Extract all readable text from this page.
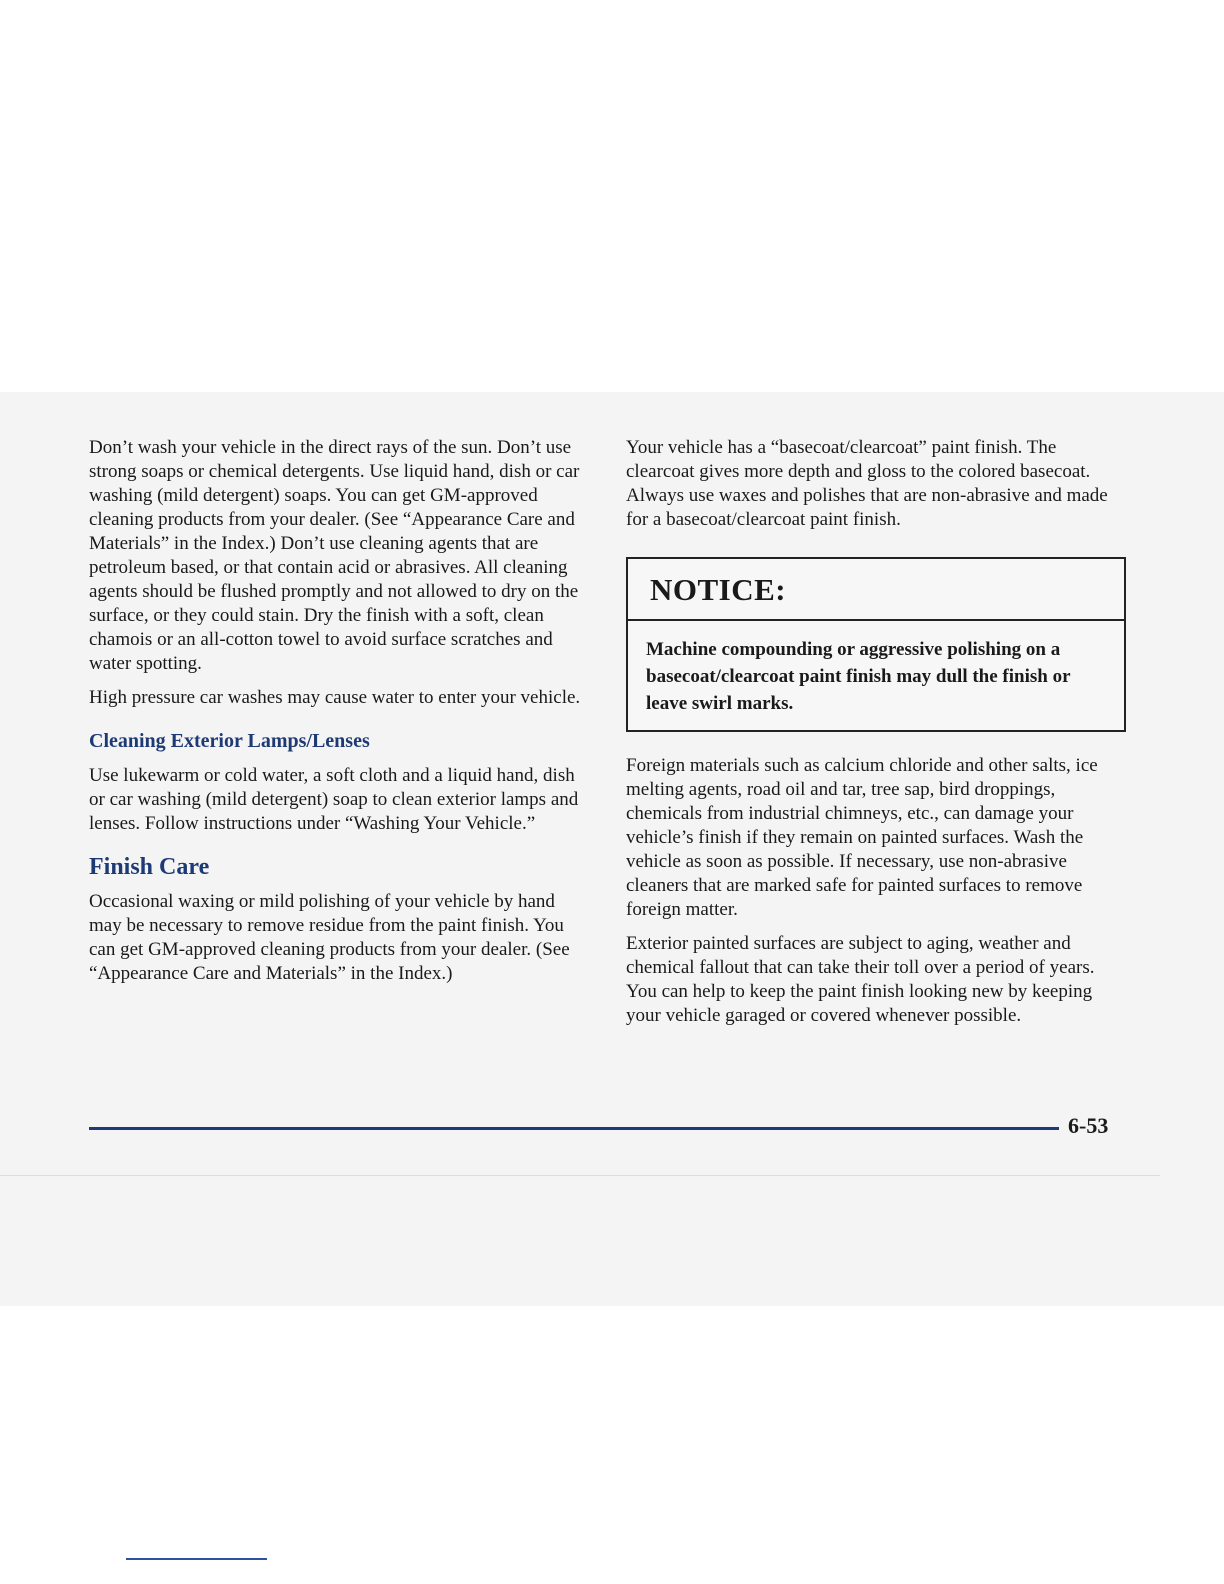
Don’t wash your vehicle in the direct rays of the sun. Don’t use strong soaps or chemical detergents. Use liquid hand, dish or car washing (mild detergent) soaps. You can get GM-approved cleaning products from your dealer. (See “Appearance Care and Materials” in the Index.) Don’t use cleaning agents that are petroleum based, or that contain acid or abrasives. All cleaning agents should be flushed promptly and not allowed to dry on the surface, or they could stain. Dry the finish with a soft, clean chamois or an all-cotton towel to avoid surface scratches and water spotting.

High pressure car washes may cause water to enter your vehicle.

Cleaning Exterior Lamps/Lenses

Use lukewarm or cold water, a soft cloth and a liquid hand, dish or car washing (mild detergent) soap to clean exterior lamps and lenses. Follow instructions under “Washing Your Vehicle.”

Finish Care

Occasional waxing or mild polishing of your vehicle by hand may be necessary to remove residue from the paint finish. You can get GM-approved cleaning products from your dealer. (See “Appearance Care and Materials” in the Index.)

Your vehicle has a “basecoat/clearcoat” paint finish. The clearcoat gives more depth and gloss to the colored basecoat. Always use waxes and polishes that are non-abrasive and made for a basecoat/clearcoat paint finish.

NOTICE:
Machine compounding or aggressive polishing on a basecoat/clearcoat paint finish may dull the finish or leave swirl marks.

Foreign materials such as calcium chloride and other salts, ice melting agents, road oil and tar, tree sap, bird droppings, chemicals from industrial chimneys, etc., can damage your vehicle’s finish if they remain on painted surfaces. Wash the vehicle as soon as possible. If necessary, use non-abrasive cleaners that are marked safe for painted surfaces to remove foreign matter.

Exterior painted surfaces are subject to aging, weather and chemical fallout that can take their toll over a period of years. You can help to keep the paint finish looking new by keeping your vehicle garaged or covered whenever possible.

6-53
